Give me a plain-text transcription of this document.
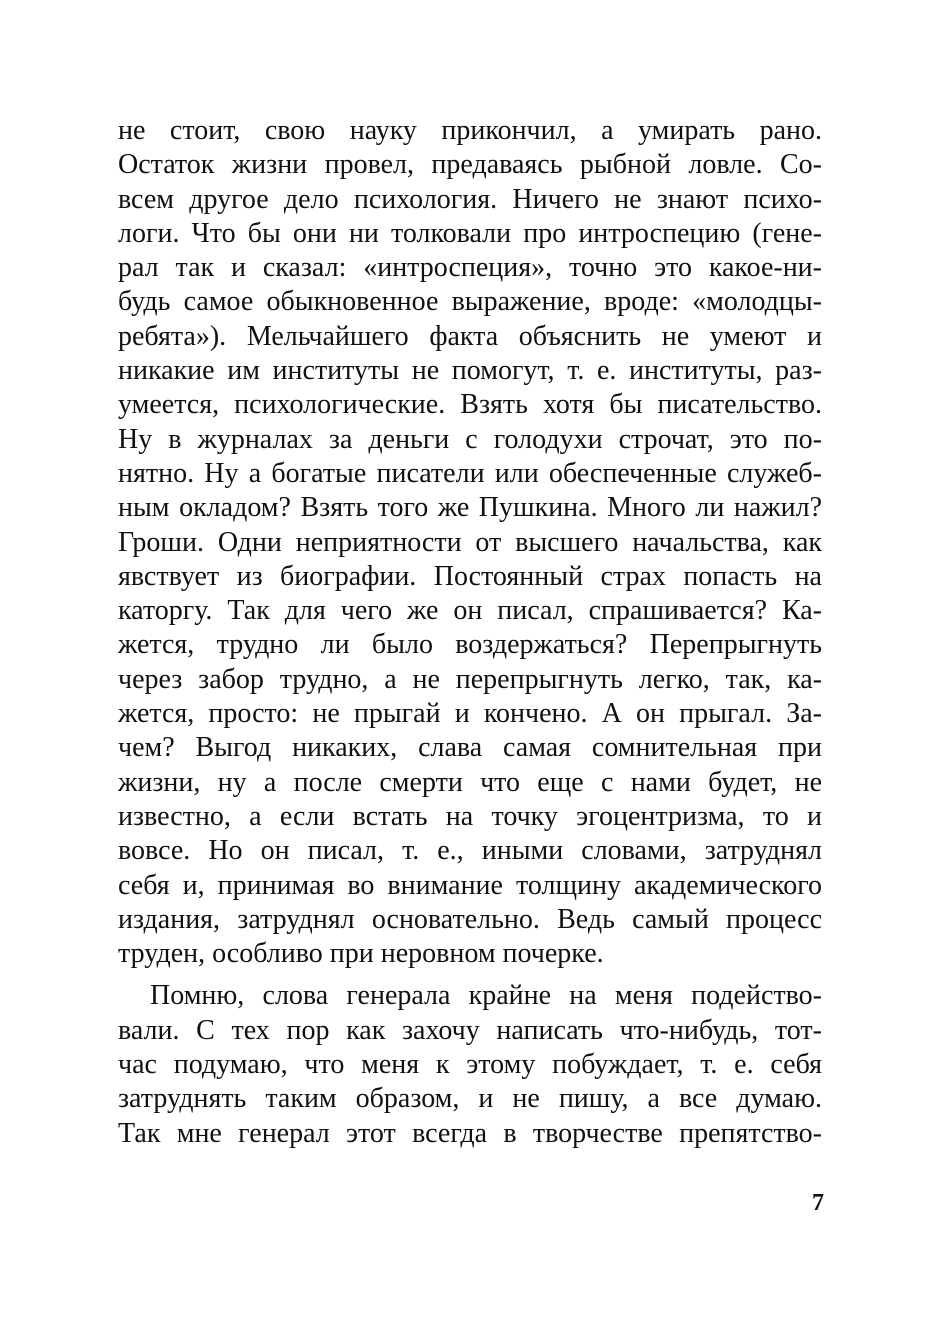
не стоит, свою науку прикончил, а умирать рано.
Остаток жизни провел, предаваясь рыбной ловле. Со-
всем другое дело психология. Ничего не знают психо-
логи. Что бы они ни толковали про интроспецию (гене-
рал так и сказал: «интроспеция», точно это какое-ни-
будь самое обыкновенное выражение, вроде: «молодцы-
ребята»). Мельчайшего факта объяснить не умеют и
никакие им институты не помогут, т. е. институты, раз-
умеется, психологические. Взять хотя бы писательство.
Ну в журналах за деньги с голодухи строчат, это по-
нятно. Ну а богатые писатели или обеспеченные служеб-
ным окладом? Взять того же Пушкина. Много ли нажил?
Гроши. Одни неприятности от высшего начальства, как
явствует из биографии. Постоянный страх попасть на
каторгу. Так для чего же он писал, спрашивается? Ка-
жется, трудно ли было воздержаться? Перепрыгнуть
через забор трудно, а не перепрыгнуть легко, так, ка-
жется, просто: не прыгай и кончено. А он прыгал. За-
чем? Выгод никаких, слава самая сомнительная при
жизни, ну а после смерти что еще с нами будет, не
известно, а если встать на точку эгоцентризма, то и
вовсе. Но он писал, т. е., иными словами, затруднял
себя и, принимая во внимание толщину академического
издания, затруднял основательно. Ведь самый процесс
труден, особливо при неровном почерке.
Помню, слова генерала крайне на меня подейство-
вали. С тех пор как захочу написать что-нибудь, тот-
час подумаю, что меня к этому побуждает, т. е. себя
затруднять таким образом, и не пишу, а все думаю.
Так мне генерал этот всегда в творчестве препятство-
7
